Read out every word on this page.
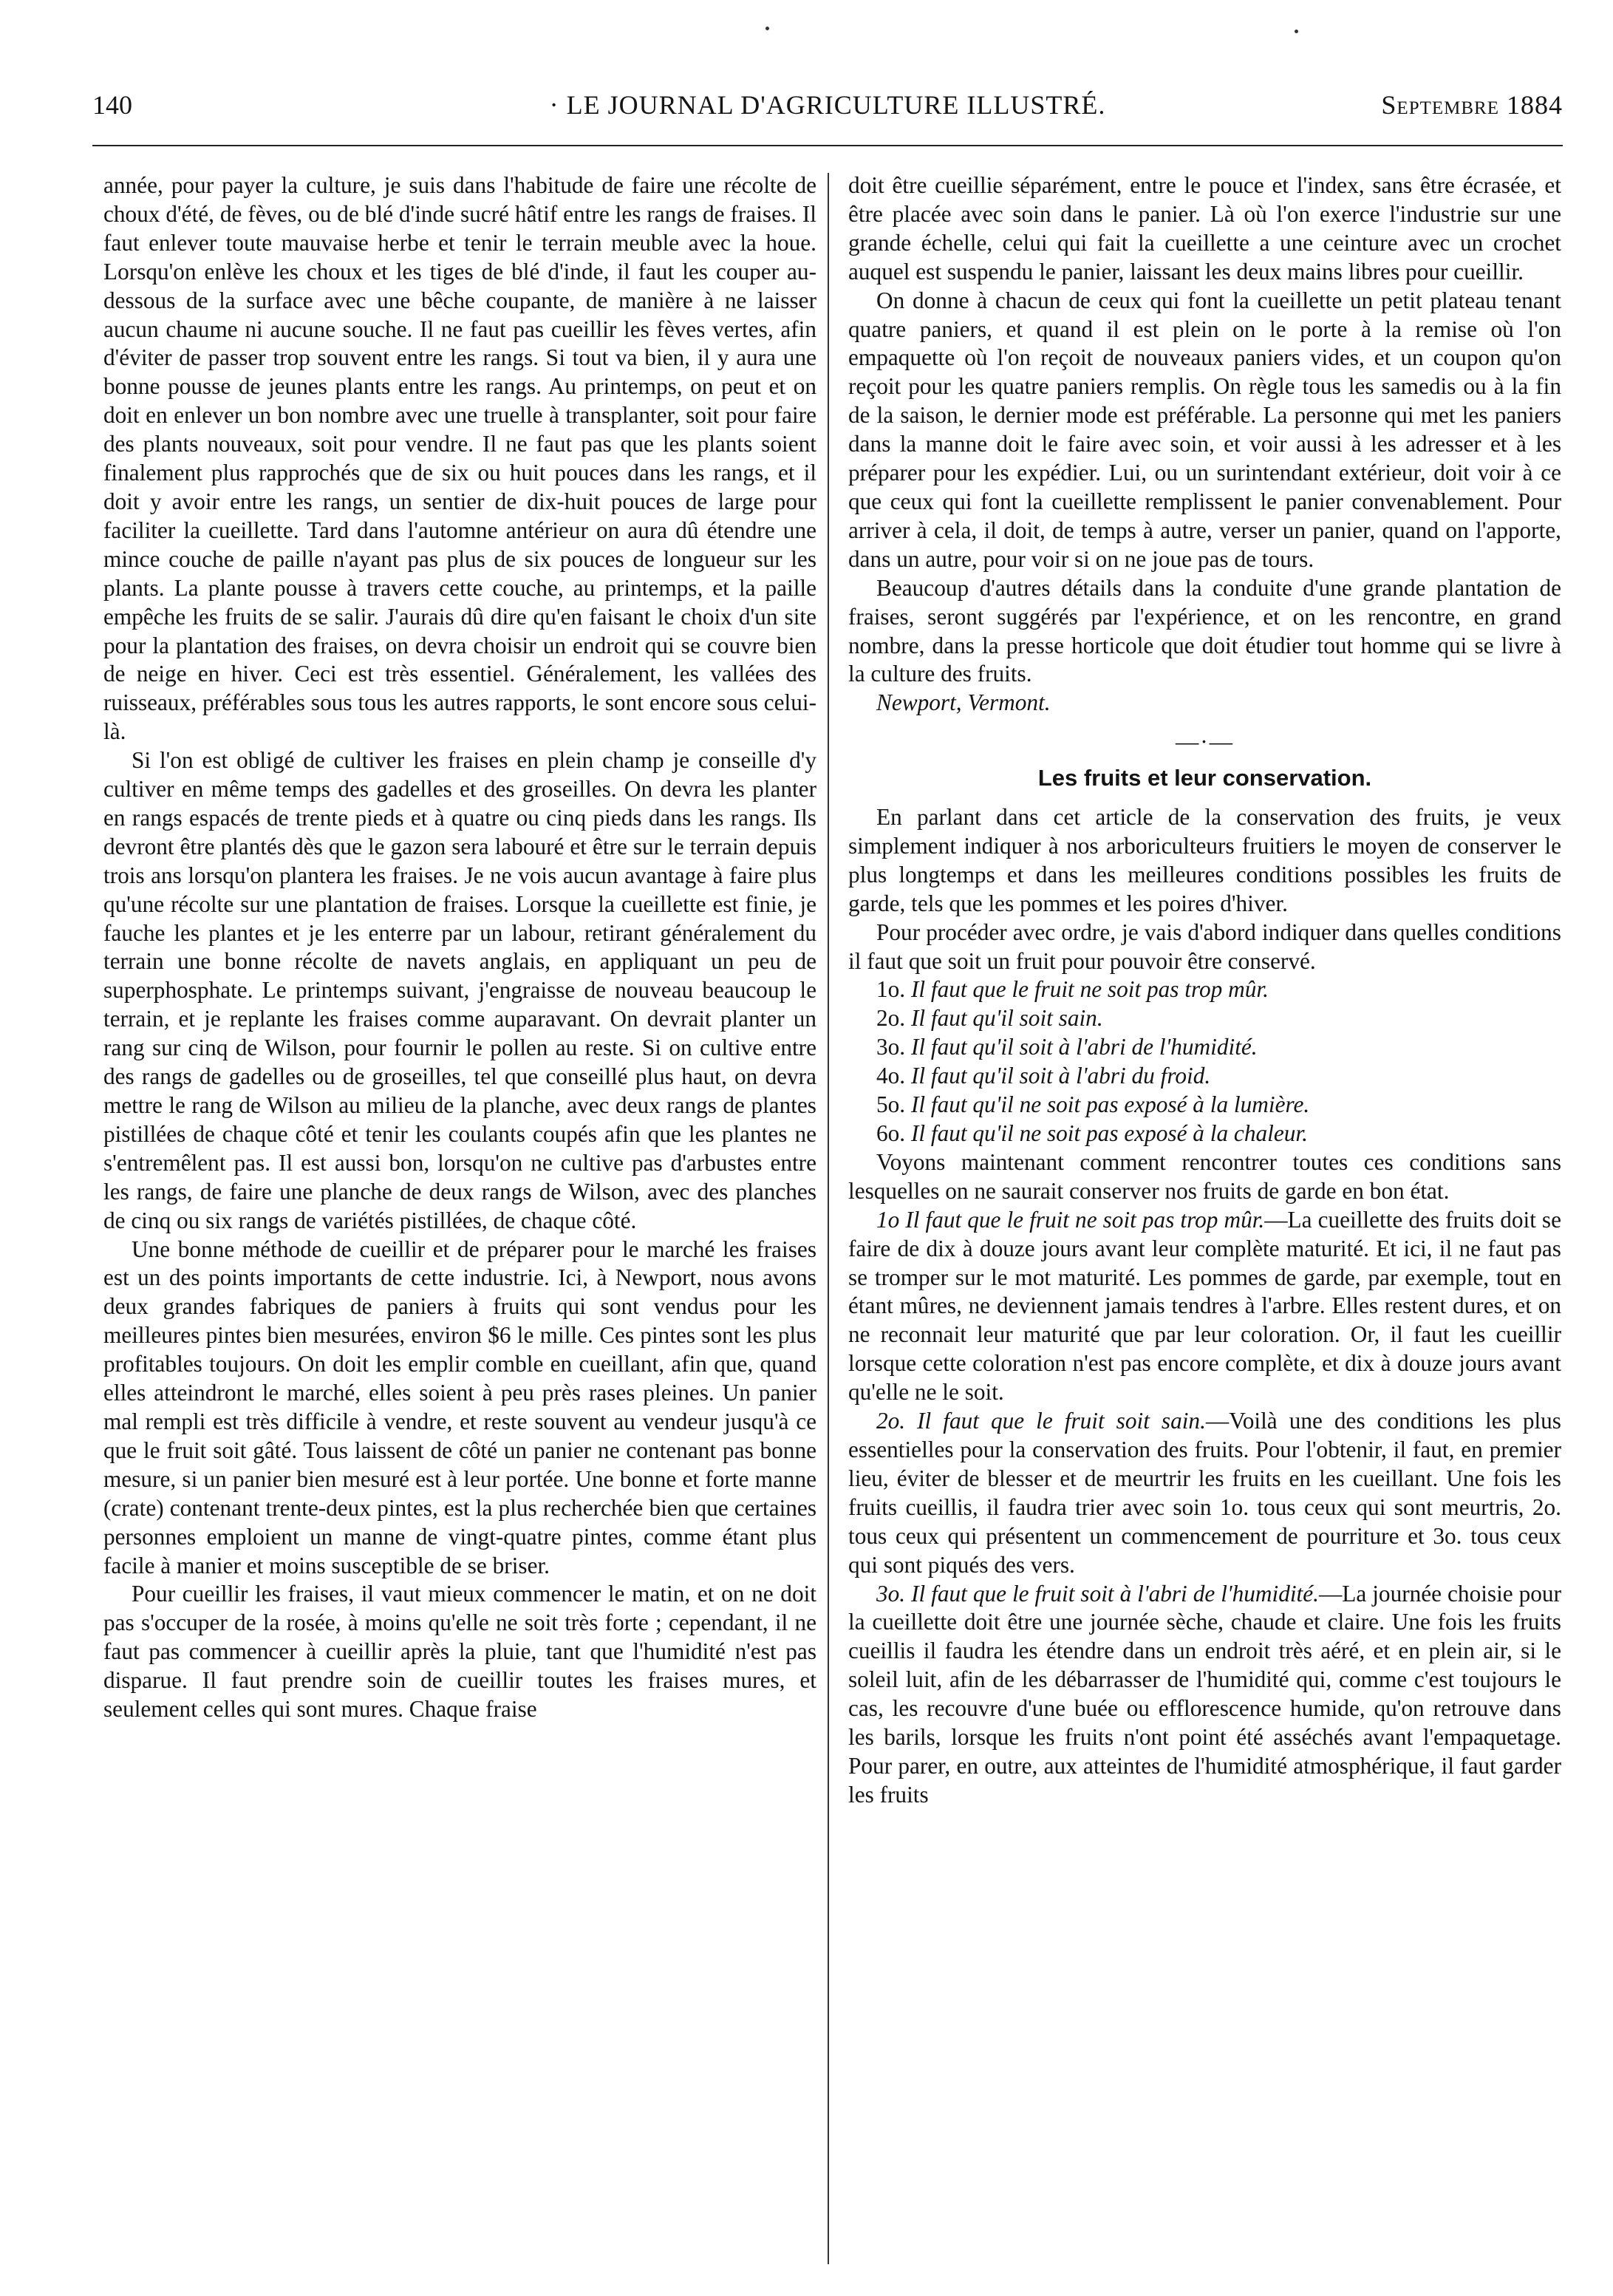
140	· LE JOURNAL D'AGRICULTURE ILLUSTRÉ.	Septembre 1884

année, pour payer la culture, je suis dans l'habitude de faire une récolte de choux d'été, de fèves, ou de blé d'inde sucré hâtif entre les rangs de fraises. Il faut enlever toute mauvaise herbe et tenir le terrain meuble avec la houe. Lorsqu'on enlève les choux et les tiges de blé d'inde, il faut les couper au-dessous de la surface avec une bêche coupante, de manière à ne laisser aucun chaume ni aucune souche. Il ne faut pas cueillir les fèves vertes, afin d'éviter de passer trop souvent entre les rangs. Si tout va bien, il y aura une bonne pousse de jeunes plants entre les rangs. Au printemps, on peut et on doit en enlever un bon nombre avec une truelle à transplanter, soit pour faire des plants nouveaux, soit pour vendre. Il ne faut pas que les plants soient finalement plus rapprochés que de six ou huit pouces dans les rangs, et il doit y avoir entre les rangs, un sentier de dix-huit pouces de large pour faciliter la cueillette. Tard dans l'automne antérieur on aura dû étendre une mince couche de paille n'ayant pas plus de six pouces de longueur sur les plants. La plante pousse à travers cette couche, au printemps, et la paille empêche les fruits de se salir. J'aurais dû dire qu'en faisant le choix d'un site pour la plantation des fraises, on devra choisir un endroit qui se couvre bien de neige en hiver. Ceci est très essentiel. Généralement, les vallées des ruisseaux, préférables sous tous les autres rapports, le sont encore sous celui-là.

Si l'on est obligé de cultiver les fraises en plein champ je conseille d'y cultiver en même temps des gadelles et des groseilles. On devra les planter en rangs espacés de trente pieds et à quatre ou cinq pieds dans les rangs. Ils devront être plantés dès que le gazon sera labouré et être sur le terrain depuis trois ans lorsqu'on plantera les fraises. Je ne vois aucun avantage à faire plus qu'une récolte sur une plantation de fraises. Lorsque la cueillette est finie, je fauche les plantes et je les enterre par un labour, retirant généralement du terrain une bonne récolte de navets anglais, en appliquant un peu de superphosphate. Le printemps suivant, j'engraisse de nouveau beaucoup le terrain, et je replante les fraises comme auparavant. On devrait planter un rang sur cinq de Wilson, pour fournir le pollen au reste. Si on cultive entre des rangs de gadelles ou de groseilles, tel que conseillé plus haut, on devra mettre le rang de Wilson au milieu de la planche, avec deux rangs de plantes pistillées de chaque côté et tenir les coulants coupés afin que les plantes ne s'entremêlent pas. Il est aussi bon, lorsqu'on ne cultive pas d'arbustes entre les rangs, de faire une planche de deux rangs de Wilson, avec des planches de cinq ou six rangs de variétés pistillées, de chaque côté.

Une bonne méthode de cueillir et de préparer pour le marché les fraises est un des points importants de cette industrie. Ici, à Newport, nous avons deux grandes fabriques de paniers à fruits qui sont vendus pour les meilleures pintes bien mesurées, environ $6 le mille. Ces pintes sont les plus profitables toujours. On doit les emplir comble en cueillant, afin que, quand elles atteindront le marché, elles soient à peu près rases pleines. Un panier mal rempli est très difficile à vendre, et reste souvent au vendeur jusqu'à ce que le fruit soit gâté. Tous laissent de côté un panier ne contenant pas bonne mesure, si un panier bien mesuré est à leur portée. Une bonne et forte manne (crate) contenant trente-deux pintes, est la plus recherchée bien que certaines personnes emploient un manne de vingt-quatre pintes, comme étant plus facile à manier et moins susceptible de se briser.

Pour cueillir les fraises, il vaut mieux commencer le matin, et on ne doit pas s'occuper de la rosée, à moins qu'elle ne soit très forte ; cependant, il ne faut pas commencer à cueillir après la pluie, tant que l'humidité n'est pas disparue. Il faut prendre soin de cueillir toutes les fraises mures, et seulement celles qui sont mures. Chaque fraise

doit être cueillie séparément, entre le pouce et l'index, sans être écrasée, et être placée avec soin dans le panier. Là où l'on exerce l'industrie sur une grande échelle, celui qui fait la cueillette a une ceinture avec un crochet auquel est suspendu le panier, laissant les deux mains libres pour cueillir.

On donne à chacun de ceux qui font la cueillette un petit plateau tenant quatre paniers, et quand il est plein on le porte à la remise où l'on empaquette où l'on reçoit de nouveaux paniers vides, et un coupon qu'on reçoit pour les quatre paniers remplis. On règle tous les samedis ou à la fin de la saison, le dernier mode est préférable. La personne qui met les paniers dans la manne doit le faire avec soin, et voir aussi à les adresser et à les préparer pour les expédier. Lui, ou un surintendant extérieur, doit voir à ce que ceux qui font la cueillette remplissent le panier convenablement. Pour arriver à cela, il doit, de temps à autre, verser un panier, quand on l'apporte, dans un autre, pour voir si on ne joue pas de tours.

Beaucoup d'autres détails dans la conduite d'une grande plantation de fraises, seront suggérés par l'expérience, et on les rencontre, en grand nombre, dans la presse horticole que doit étudier tout homme qui se livre à la culture des fruits.

Newport, Vermont.

—·—
Les fruits et leur conservation.

En parlant dans cet article de la conservation des fruits, je veux simplement indiquer à nos arboriculteurs fruitiers le moyen de conserver le plus longtemps et dans les meilleures conditions possibles les fruits de garde, tels que les pommes et les poires d'hiver.

Pour procéder avec ordre, je vais d'abord indiquer dans quelles conditions il faut que soit un fruit pour pouvoir être conservé.

1o. Il faut que le fruit ne soit pas trop mûr.

2o. Il faut qu'il soit sain.

3o. Il faut qu'il soit à l'abri de l'humidité.

4o. Il faut qu'il soit à l'abri du froid.

5o. Il faut qu'il ne soit pas exposé à la lumière.

6o. Il faut qu'il ne soit pas exposé à la chaleur.

Voyons maintenant comment rencontrer toutes ces conditions sans lesquelles on ne saurait conserver nos fruits de garde en bon état.

1o Il faut que le fruit ne soit pas trop mûr.—La cueillette des fruits doit se faire de dix à douze jours avant leur complète maturité. Et ici, il ne faut pas se tromper sur le mot maturité. Les pommes de garde, par exemple, tout en étant mûres, ne deviennent jamais tendres à l'arbre. Elles restent dures, et on ne reconnait leur maturité que par leur coloration. Or, il faut les cueillir lorsque cette coloration n'est pas encore complète, et dix à douze jours avant qu'elle ne le soit.

2o. Il faut que le fruit soit sain.—Voilà une des conditions les plus essentielles pour la conservation des fruits. Pour l'obtenir, il faut, en premier lieu, éviter de blesser et de meurtrir les fruits en les cueillant. Une fois les fruits cueillis, il faudra trier avec soin 1o. tous ceux qui sont meurtris, 2o. tous ceux qui présentent un commencement de pourriture et 3o. tous ceux qui sont piqués des vers.

3o. Il faut que le fruit soit à l'abri de l'humidité.—La journée choisie pour la cueillette doit être une journée sèche, chaude et claire. Une fois les fruits cueillis il faudra les étendre dans un endroit très aéré, et en plein air, si le soleil luit, afin de les débarrasser de l'humidité qui, comme c'est toujours le cas, les recouvre d'une buée ou efflorescence humide, qu'on retrouve dans les barils, lorsque les fruits n'ont point été asséchés avant l'empaquetage. Pour parer, en outre, aux atteintes de l'humidité atmosphérique, il faut garder les fruits
